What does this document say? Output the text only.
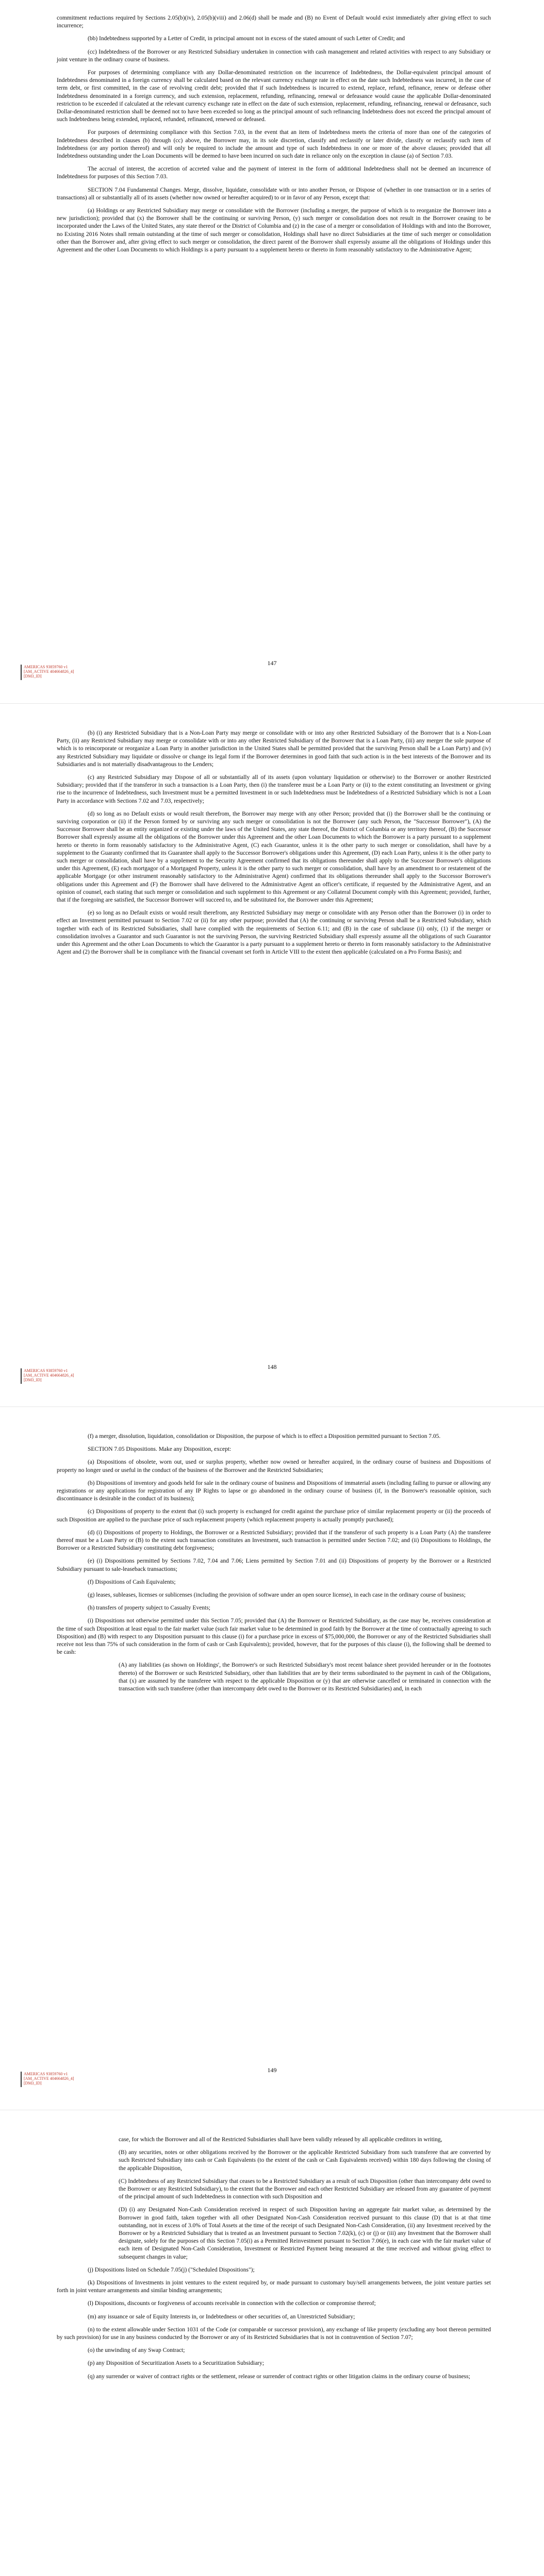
commitment reductions required by Sections 2.05(b)(iv), 2.05(b)(viii) and 2.06(d) shall be made and (B) no Event of Default would exist immediately after giving effect to such incurrence;

(bb) Indebtedness supported by a Letter of Credit, in principal amount not in excess of the stated amount of such Letter of Credit; and

(cc) Indebtedness of the Borrower or any Restricted Subsidiary undertaken in connection with cash management and related activities with respect to any Subsidiary or joint venture in the ordinary course of business.

For purposes of determining compliance with any Dollar-denominated restriction on the incurrence of Indebtedness, the Dollar-equivalent principal amount of Indebtedness denominated in a foreign currency shall be calculated based on the relevant currency exchange rate in effect on the date such Indebtedness was incurred, in the case of term debt, or first committed, in the case of revolving credit debt; provided that if such Indebtedness is incurred to extend, replace, refund, refinance, renew or defease other Indebtedness denominated in a foreign currency, and such extension, replacement, refunding, refinancing, renewal or defeasance would cause the applicable Dollar-denominated restriction to be exceeded if calculated at the relevant currency exchange rate in effect on the date of such extension, replacement, refunding, refinancing, renewal or defeasance, such Dollar-denominated restriction shall be deemed not to have been exceeded so long as the principal amount of such refinancing Indebtedness does not exceed the principal amount of such Indebtedness being extended, replaced, refunded, refinanced, renewed or defeased.

For purposes of determining compliance with this Section 7.03, in the event that an item of Indebtedness meets the criteria of more than one of the categories of Indebtedness described in clauses (b) through (cc) above, the Borrower may, in its sole discretion, classify and reclassify or later divide, classify or reclassify such item of Indebtedness (or any portion thereof) and will only be required to include the amount and type of such Indebtedness in one or more of the above clauses; provided that all Indebtedness outstanding under the Loan Documents will be deemed to have been incurred on such date in reliance only on the exception in clause (a) of Section 7.03.

The accrual of interest, the accretion of accreted value and the payment of interest in the form of additional Indebtedness shall not be deemed an incurrence of Indebtedness for purposes of this Section 7.03.

SECTION 7.04 Fundamental Changes. Merge, dissolve, liquidate, consolidate with or into another Person, or Dispose of (whether in one transaction or in a series of transactions) all or substantially all of its assets (whether now owned or hereafter acquired) to or in favor of any Person, except that:

(a) Holdings or any Restricted Subsidiary may merge or consolidate with the Borrower (including a merger, the purpose of which is to reorganize the Borrower into a new jurisdiction); provided that (x) the Borrower shall be the continuing or surviving Person, (y) such merger or consolidation does not result in the Borrower ceasing to be incorporated under the Laws of the United States, any state thereof or the District of Columbia and (z) in the case of a merger or consolidation of Holdings with and into the Borrower, no Existing 2016 Notes shall remain outstanding at the time of such merger or consolidation, Holdings shall have no direct Subsidiaries at the time of such merger or consolidation other than the Borrower and, after giving effect to such merger or consolidation, the direct parent of the Borrower shall expressly assume all the obligations of Holdings under this Agreement and the other Loan Documents to which Holdings is a party pursuant to a supplement hereto or thereto in form reasonably satisfactory to the Administrative Agent;

AMERICAS 93859760 v1
[AM_ACTIVE 404664826_4]
[DM3_ID]
147

(b) (i) any Restricted Subsidiary that is a Non-Loan Party may merge or consolidate with or into any other Restricted Subsidiary of the Borrower that is a Non-Loan Party, (ii) any Restricted Subsidiary may merge or consolidate with or into any other Restricted Subsidiary of the Borrower that is a Loan Party, (iii) any merger the sole purpose of which is to reincorporate or reorganize a Loan Party in another jurisdiction in the United States shall be permitted provided that the surviving Person shall be a Loan Party) and (iv) any Restricted Subsidiary may liquidate or dissolve or change its legal form if the Borrower determines in good faith that such action is in the best interests of the Borrower and its Subsidiaries and is not materially disadvantageous to the Lenders;

(c) any Restricted Subsidiary may Dispose of all or substantially all of its assets (upon voluntary liquidation or otherwise) to the Borrower or another Restricted Subsidiary; provided that if the transferor in such a transaction is a Loan Party, then (i) the transferee must be a Loan Party or (ii) to the extent constituting an Investment or giving rise to the incurrence of Indebtedness, such Investment must be a permitted Investment in or such Indebtedness must be Indebtedness of a Restricted Subsidiary which is not a Loan Party in accordance with Sections 7.02 and 7.03, respectively;

(d) so long as no Default exists or would result therefrom, the Borrower may merge with any other Person; provided that (i) the Borrower shall be the continuing or surviving corporation or (ii) if the Person formed by or surviving any such merger or consolidation is not the Borrower (any such Person, the "Successor Borrower"), (A) the Successor Borrower shall be an entity organized or existing under the laws of the United States, any state thereof, the District of Columbia or any territory thereof, (B) the Successor Borrower shall expressly assume all the obligations of the Borrower under this Agreement and the other Loan Documents to which the Borrower is a party pursuant to a supplement hereto or thereto in form reasonably satisfactory to the Administrative Agent, (C) each Guarantor, unless it is the other party to such merger or consolidation, shall have by a supplement to the Guaranty confirmed that its Guarantee shall apply to the Successor Borrower's obligations under this Agreement, (D) each Loan Party, unless it is the other party to such merger or consolidation, shall have by a supplement to the Security Agreement confirmed that its obligations thereunder shall apply to the Successor Borrower's obligations under this Agreement, (E) each mortgagor of a Mortgaged Property, unless it is the other party to such merger or consolidation, shall have by an amendment to or restatement of the applicable Mortgage (or other instrument reasonably satisfactory to the Administrative Agent) confirmed that its obligations thereunder shall apply to the Successor Borrower's obligations under this Agreement and (F) the Borrower shall have delivered to the Administrative Agent an officer's certificate, if requested by the Administrative Agent, and an opinion of counsel, each stating that such merger or consolidation and such supplement to this Agreement or any Collateral Document comply with this Agreement; provided, further, that if the foregoing are satisfied, the Successor Borrower will succeed to, and be substituted for, the Borrower under this Agreement;

(e) so long as no Default exists or would result therefrom, any Restricted Subsidiary may merge or consolidate with any Person other than the Borrower (i) in order to effect an Investment permitted pursuant to Section 7.02 or (ii) for any other purpose; provided that (A) the continuing or surviving Person shall be a Restricted Subsidiary, which together with each of its Restricted Subsidiaries, shall have complied with the requirements of Section 6.11; and (B) in the case of subclause (ii) only, (1) if the merger or consolidation involves a Guarantor and such Guarantor is not the surviving Person, the surviving Restricted Subsidiary shall expressly assume all the obligations of such Guarantor under this Agreement and the other Loan Documents to which the Guarantor is a party pursuant to a supplement hereto or thereto in form reasonably satisfactory to the Administrative Agent and (2) the Borrower shall be in compliance with the financial covenant set forth in Article VIII to the extent then applicable (calculated on a Pro Forma Basis); and

AMERICAS 93859760 v1
[AM_ACTIVE 404664826_4]
[DM3_ID]
148

(f) a merger, dissolution, liquidation, consolidation or Disposition, the purpose of which is to effect a Disposition permitted pursuant to Section 7.05.

SECTION 7.05 Dispositions. Make any Disposition, except:

(a) Dispositions of obsolete, worn out, used or surplus property, whether now owned or hereafter acquired, in the ordinary course of business and Dispositions of property no longer used or useful in the conduct of the business of the Borrower and the Restricted Subsidiaries;

(b) Dispositions of inventory and goods held for sale in the ordinary course of business and Dispositions of immaterial assets (including failing to pursue or allowing any registrations or any applications for registration of any IP Rights to lapse or go abandoned in the ordinary course of business (if, in the Borrower's reasonable opinion, such discontinuance is desirable in the conduct of its business);

(c) Dispositions of property to the extent that (i) such property is exchanged for credit against the purchase price of similar replacement property or (ii) the proceeds of such Disposition are applied to the purchase price of such replacement property (which replacement property is actually promptly purchased);

(d) (i) Dispositions of property to Holdings, the Borrower or a Restricted Subsidiary; provided that if the transferor of such property is a Loan Party (A) the transferee thereof must be a Loan Party or (B) to the extent such transaction constitutes an Investment, such transaction is permitted under Section 7.02; and (ii) Dispositions to Holdings, the Borrower or a Restricted Subsidiary constituting debt forgiveness;

(e) (i) Dispositions permitted by Sections 7.02, 7.04 and 7.06; Liens permitted by Section 7.01 and (ii) Dispositions of property by the Borrower or a Restricted Subsidiary pursuant to sale-leaseback transactions;

(f) Dispositions of Cash Equivalents;

(g) leases, subleases, licenses or sublicenses (including the provision of software under an open source license), in each case in the ordinary course of business;

(h) transfers of property subject to Casualty Events;

(i) Dispositions not otherwise permitted under this Section 7.05; provided that (A) the Borrower or Restricted Subsidiary, as the case may be, receives consideration at the time of such Disposition at least equal to the fair market value (such fair market value to be determined in good faith by the Borrower at the time of contractually agreeing to such Disposition) and (B) with respect to any Disposition pursuant to this clause (i) for a purchase price in excess of $75,000,000, the Borrower or any of the Restricted Subsidiaries shall receive not less than 75% of such consideration in the form of cash or Cash Equivalents); provided, however, that for the purposes of this clause (i), the following shall be deemed to be cash:

(A) any liabilities (as shown on Holdings', the Borrower's or such Restricted Subsidiary's most recent balance sheet provided hereunder or in the footnotes thereto) of the Borrower or such Restricted Subsidiary, other than liabilities that are by their terms subordinated to the payment in cash of the Obligations, that (x) are assumed by the transferee with respect to the applicable Disposition or (y) that are otherwise cancelled or terminated in connection with the transaction with such transferee (other than intercompany debt owed to the Borrower or its Restricted Subsidiaries) and, in each

AMERICAS 93859760 v1
[AM_ACTIVE 404664826_4]
[DM3_ID]
149

case, for which the Borrower and all of the Restricted Subsidiaries shall have been validly released by all applicable creditors in writing,

(B) any securities, notes or other obligations received by the Borrower or the applicable Restricted Subsidiary from such transferee that are converted by such Restricted Subsidiary into cash or Cash Equivalents (to the extent of the cash or Cash Equivalents received) within 180 days following the closing of the applicable Disposition,

(C) Indebtedness of any Restricted Subsidiary that ceases to be a Restricted Subsidiary as a result of such Disposition (other than intercompany debt owed to the Borrower or any Restricted Subsidiary), to the extent that the Borrower and each other Restricted Subsidiary are released from any guarantee of payment of the principal amount of such Indebtedness in connection with such Disposition and

(D) (i) any Designated Non-Cash Consideration received in respect of such Disposition having an aggregate fair market value, as determined by the Borrower in good faith, taken together with all other Designated Non-Cash Consideration received pursuant to this clause (D) that is at that time outstanding, not in excess of 3.0% of Total Assets at the time of the receipt of such Designated Non-Cash Consideration, (ii) any Investment received by the Borrower or by a Restricted Subsidiary that is treated as an Investment pursuant to Section 7.02(k), (c) or (j) or (iii) any Investment that the Borrower shall designate, solely for the purposes of this Section 7.05(i) as a Permitted Reinvestment pursuant to Section 7.06(e), in each case with the fair market value of each item of Designated Non-Cash Consideration, Investment or Restricted Payment being measured at the time received and without giving effect to subsequent changes in value;

(j) Dispositions listed on Schedule 7.05(j) ("Scheduled Dispositions");

(k) Dispositions of Investments in joint ventures to the extent required by, or made pursuant to customary buy/sell arrangements between, the joint venture parties set forth in joint venture arrangements and similar binding arrangements;

(l) Dispositions, discounts or forgiveness of accounts receivable in connection with the collection or compromise thereof;

(m) any issuance or sale of Equity Interests in, or Indebtedness or other securities of, an Unrestricted Subsidiary;

(n) to the extent allowable under Section 1031 of the Code (or comparable or successor provision), any exchange of like property (excluding any boot thereon permitted by such provision) for use in any business conducted by the Borrower or any of its Restricted Subsidiaries that is not in contravention of Section 7.07;

(o) the unwinding of any Swap Contract;

(p) any Disposition of Securitization Assets to a Securitization Subsidiary;

(q) any surrender or waiver of contract rights or the settlement, release or surrender of contract rights or other litigation claims in the ordinary course of business;
